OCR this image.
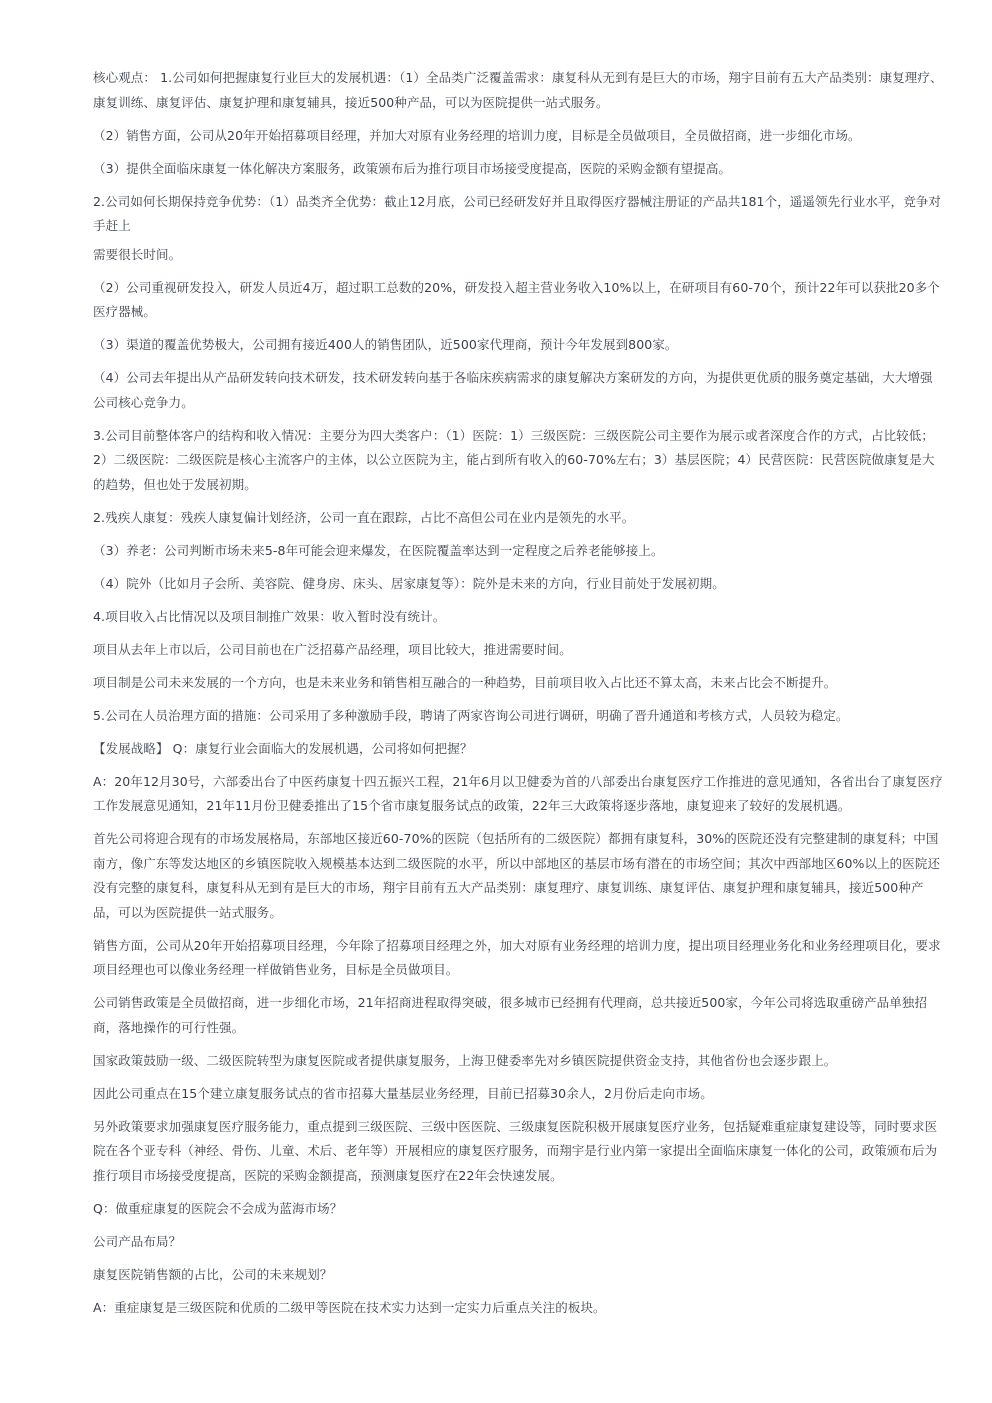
核心观点： 1.公司如何把握康复行业巨大的发展机遇：（1）全品类广泛覆盖需求：康复科从无到有是巨大的市场，翔宇目前有五大产品类别：康复理疗、康复训练、康复评估、康复护理和康复辅具，接近500种产品，可以为医院提供一站式服务。

（2）销售方面，公司从20年开始招募项目经理，并加大对原有业务经理的培训力度，目标是全员做项目，全员做招商，进一步细化市场。

（3）提供全面临床康复一体化解决方案服务，政策颁布后为推行项目市场接受度提高，医院的采购金额有望提高。

2.公司如何长期保持竞争优势：（1）品类齐全优势：截止12月底，公司已经研发好并且取得医疗器械注册证的产品共181个，遥遥领先行业水平，竞争对手赶上

需要很长时间。

（2）公司重视研发投入，研发人员近4万，超过职工总数的20%，研发投入超主营业务收入10%以上，在研项目有60-70个，预计22年可以获批20多个医疗器械。

（3）渠道的覆盖优势极大，公司拥有接近400人的销售团队，近500家代理商，预计今年发展到800家。

（4）公司去年提出从产品研发转向技术研发，技术研发转向基于各临床疾病需求的康复解决方案研发的方向，为提供更优质的服务奠定基础，大大增强公司核心竞争力。

3.公司目前整体客户的结构和收入情况：主要分为四大类客户：（1）医院：1）三级医院：三级医院公司主要作为展示或者深度合作的方式，占比较低；2）二级医院：二级医院是核心主流客户的主体，以公立医院为主，能占到所有收入的60-70%左右；3）基层医院；4）民营医院：民营医院做康复是大的趋势，但也处于发展初期。

2.残疾人康复：残疾人康复偏计划经济，公司一直在跟踪，占比不高但公司在业内是领先的水平。

（3）养老：公司判断市场未来5-8年可能会迎来爆发，在医院覆盖率达到一定程度之后养老能够接上。

（4）院外（比如月子会所、美容院、健身房、床头、居家康复等）：院外是未来的方向，行业目前处于发展初期。

4.项目收入占比情况以及项目制推广效果：收入暂时没有统计。

项目从去年上市以后，公司目前也在广泛招募产品经理，项目比较大，推进需要时间。

项目制是公司未来发展的一个方向，也是未来业务和销售相互融合的一种趋势，目前项目收入占比还不算太高，未来占比会不断提升。

5.公司在人员治理方面的措施：公司采用了多种激励手段，聘请了两家咨询公司进行调研，明确了晋升通道和考核方式，人员较为稳定。

【发展战略】 Q：康复行业会面临大的发展机遇，公司将如何把握？

A：20年12月30号，六部委出台了中医药康复十四五振兴工程，21年6月以卫健委为首的八部委出台康复医疗工作推进的意见通知，各省出台了康复医疗工作发展意见通知，21年11月份卫健委推出了15个省市康复服务试点的政策，22年三大政策将逐步落地，康复迎来了较好的发展机遇。

首先公司将迎合现有的市场发展格局，东部地区接近60-70%的医院（包括所有的二级医院）都拥有康复科，30%的医院还没有完整建制的康复科；中国南方，像广东等发达地区的乡镇医院收入规模基本达到二级医院的水平，所以中部地区的基层市场有潜在的市场空间；其次中西部地区60%以上的医院还没有完整的康复科，康复科从无到有是巨大的市场，翔宇目前有五大产品类别：康复理疗、康复训练、康复评估、康复护理和康复辅具，接近500种产品，可以为医院提供一站式服务。

销售方面，公司从20年开始招募项目经理，今年除了招募项目经理之外，加大对原有业务经理的培训力度，提出项目经理业务化和业务经理项目化，要求项目经理也可以像业务经理一样做销售业务，目标是全员做项目。

公司销售政策是全员做招商，进一步细化市场，21年招商进程取得突破，很多城市已经拥有代理商，总共接近500家，今年公司将选取重磅产品单独招商，落地操作的可行性强。

国家政策鼓励一级、二级医院转型为康复医院或者提供康复服务，上海卫健委率先对乡镇医院提供资金支持，其他省份也会逐步跟上。

因此公司重点在15个建立康复服务试点的省市招募大量基层业务经理，目前已招募30余人，2月份后走向市场。

另外政策要求加强康复医疗服务能力，重点提到三级医院、三级中医医院、三级康复医院积极开展康复医疗业务，包括疑难重症康复建设等，同时要求医院在各个亚专科（神经、骨伤、儿童、术后、老年等）开展相应的康复医疗服务，而翔宇是行业内第一家提出全面临床康复一体化的公司，政策颁布后为推行项目市场接受度提高，医院的采购金额提高，预测康复医疗在22年会快速发展。

Q：做重症康复的医院会不会成为蓝海市场？

公司产品布局？

康复医院销售额的占比，公司的未来规划？

A：重症康复是三级医院和优质的二级甲等医院在技术实力达到一定实力后重点关注的板块。
